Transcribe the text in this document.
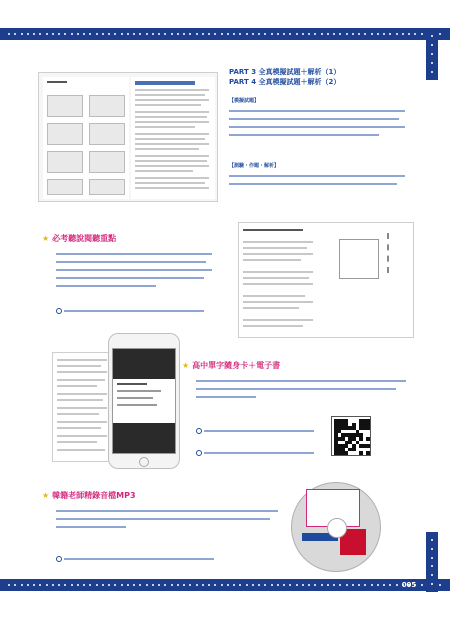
005
PART 3 全真模擬試題＋解析（1）
PART 4 全真模擬試題＋解析（2）
【模擬試題】
【測驗・作題・解析】
★ 必考聽說閱聽重點
★ 高中單字隨身卡＋電子書
★ 韓籍老師精錄音檔MP3
